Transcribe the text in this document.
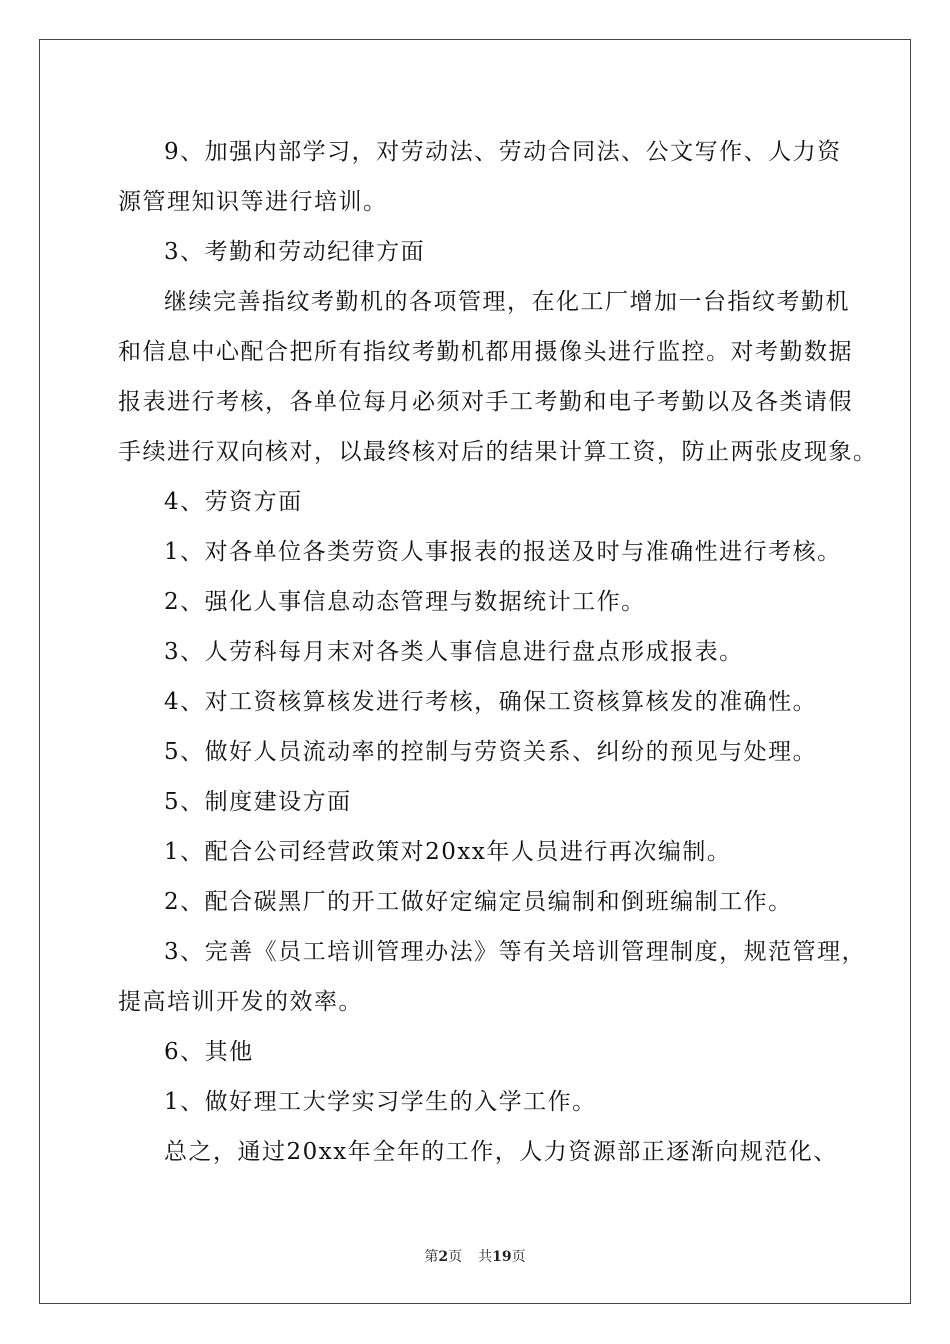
9、加强内部学习，对劳动法、劳动合同法、公文写作、人力资
源管理知识等进行培训。
3、考勤和劳动纪律方面
继续完善指纹考勤机的各项管理，在化工厂增加一台指纹考勤机
和信息中心配合把所有指纹考勤机都用摄像头进行监控。对考勤数据
报表进行考核，各单位每月必须对手工考勤和电子考勤以及各类请假
手续进行双向核对，以最终核对后的结果计算工资，防止两张皮现象。
4、劳资方面
1、对各单位各类劳资人事报表的报送及时与准确性进行考核。
2、强化人事信息动态管理与数据统计工作。
3、人劳科每月末对各类人事信息进行盘点形成报表。
4、对工资核算核发进行考核，确保工资核算核发的准确性。
5、做好人员流动率的控制与劳资关系、纠纷的预见与处理。
5、制度建设方面
1、配合公司经营政策对20xx年人员进行再次编制。
2、配合碳黑厂的开工做好定编定员编制和倒班编制工作。
3、完善《员工培训管理办法》等有关培训管理制度，规范管理，
提高培训开发的效率。
6、其他
1、做好理工大学实习学生的入学工作。
总之，通过20xx年全年的工作，人力资源部正逐渐向规范化、
第2页 共19页
